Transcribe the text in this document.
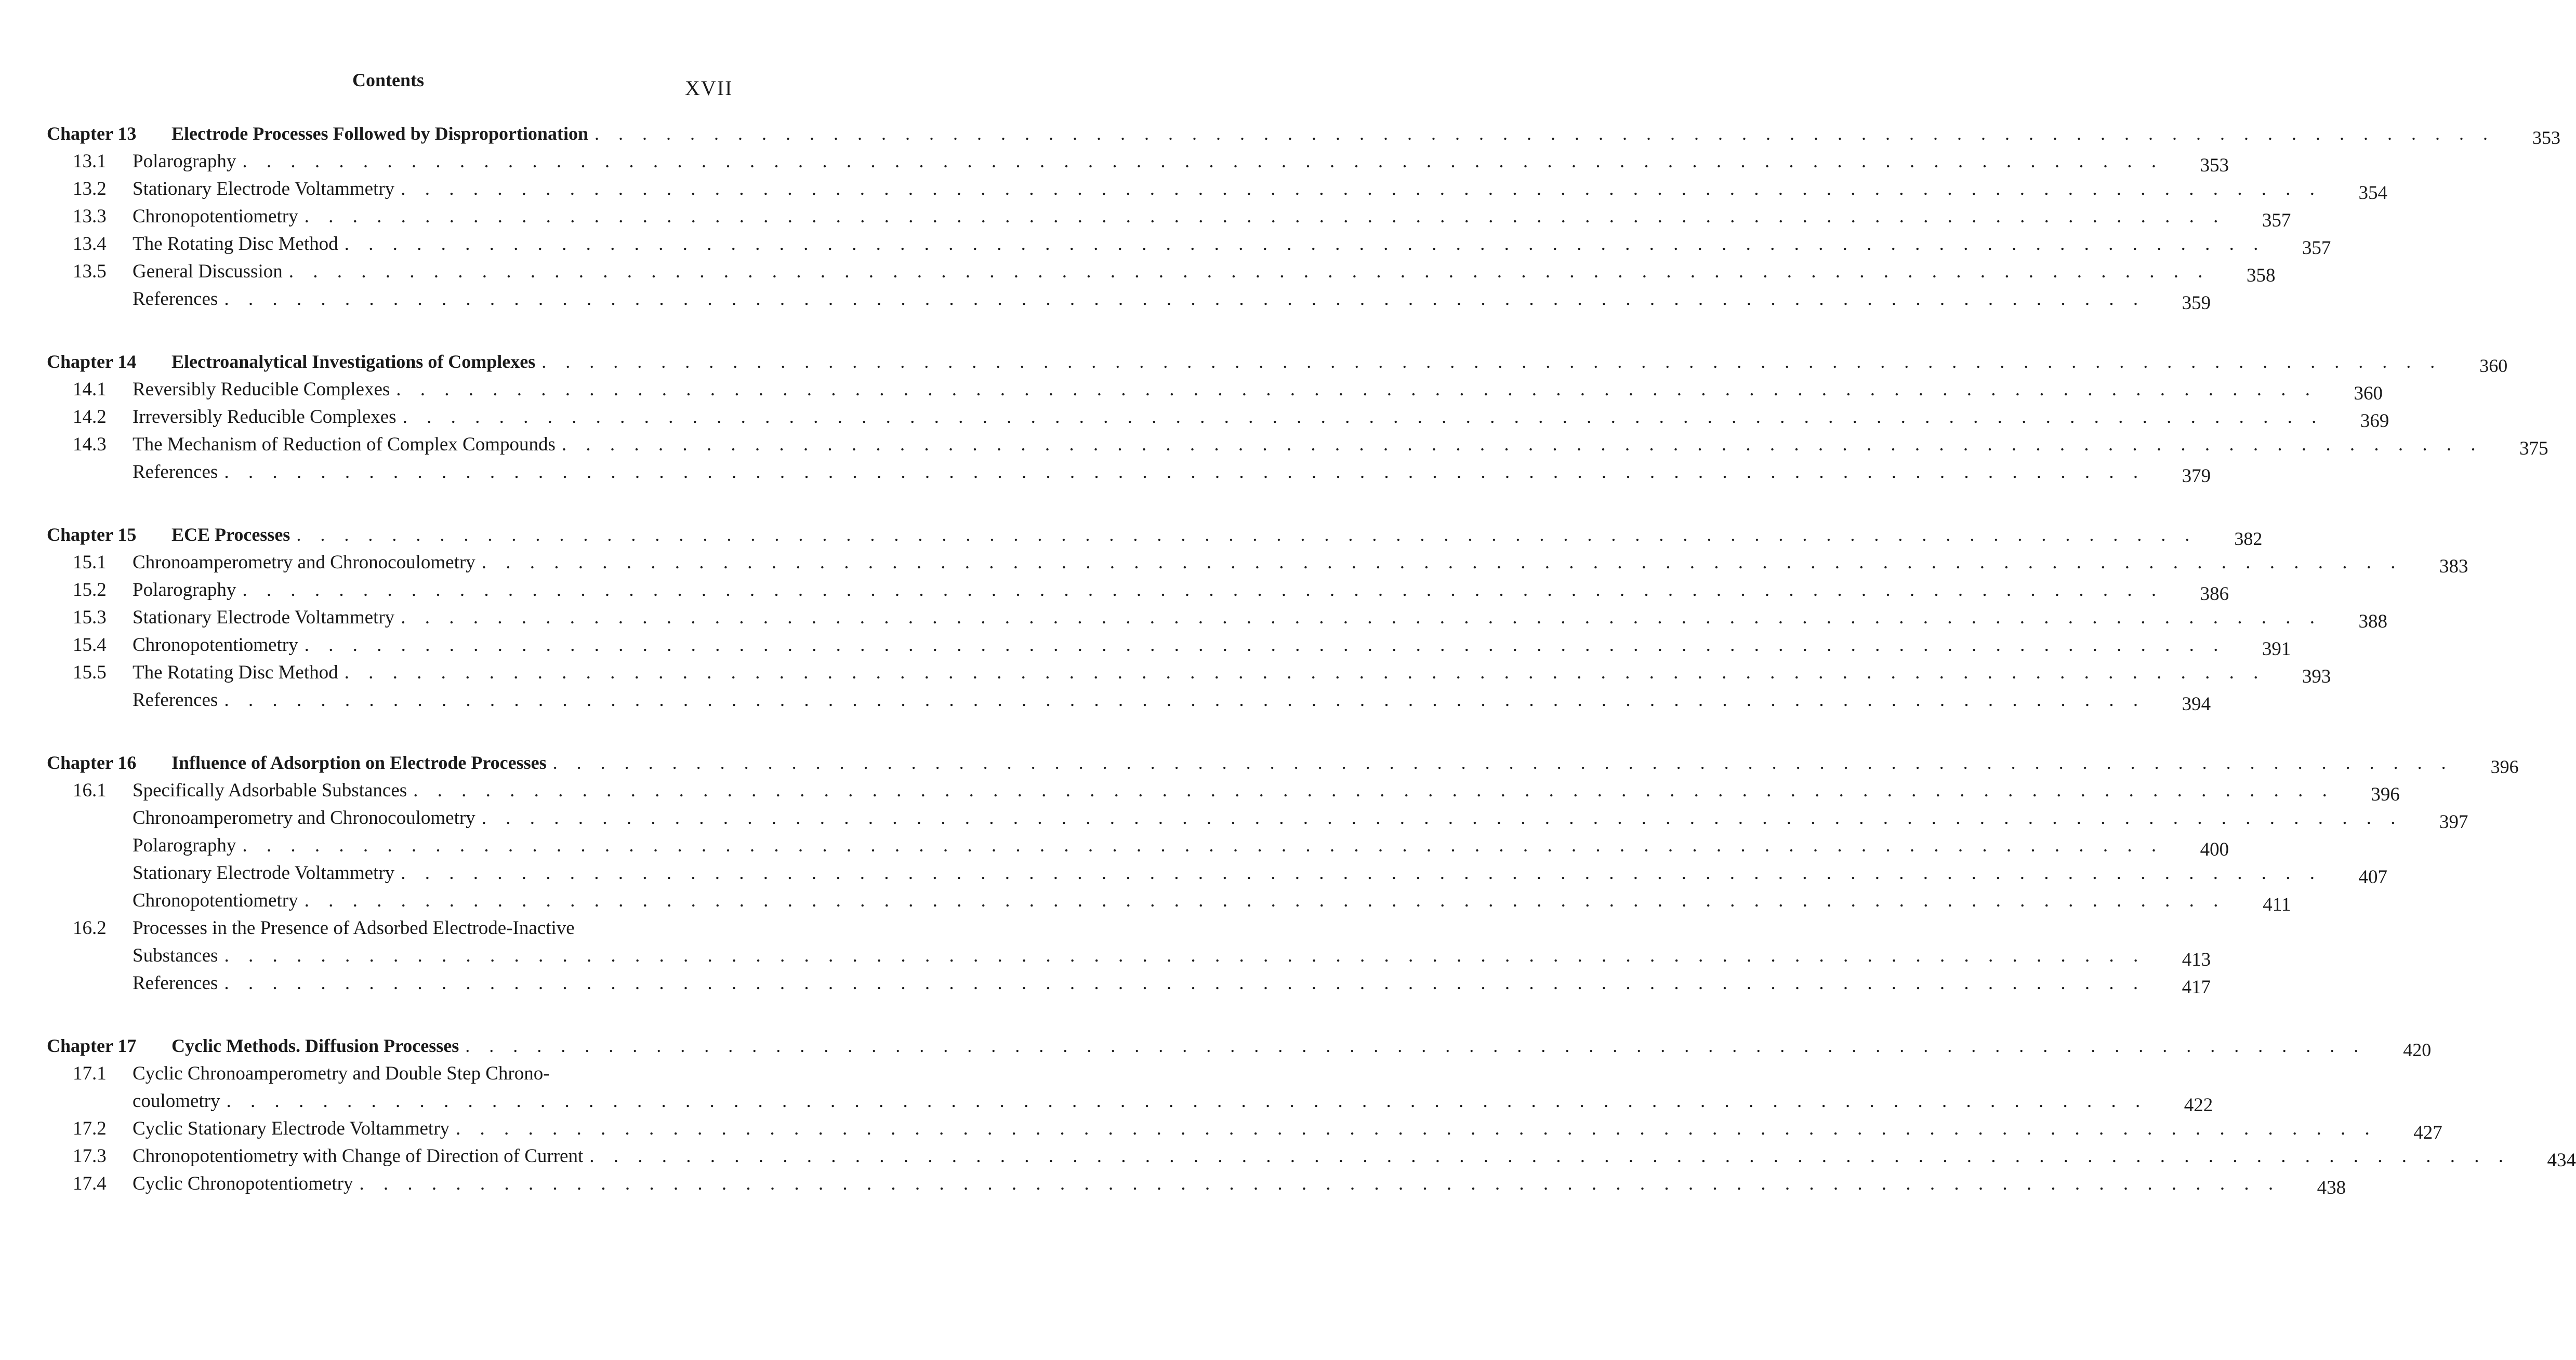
Contents	XVII
Chapter 13	Electrode Processes Followed by Disproportionation . . . . . . . . . . . . . . . . . . . . . . . . . . . . . . . . . . . . . . . . . . . . . . . . . . . . . . . . . . . . . . . . . . . . . . . . . . . . . . . .	353
13.1	Polarography . . . . . . . . . . . . . . . . . . . . . . . . . . . . . . . . . . . . . . . . . . . . . . . . . . . . . . . . . . . . . . . . . . . . . . . . . . . . . . . .	353
13.2	Stationary Electrode Voltammetry . . . . . . . . . . . . . . . . . . . . . . . . . . . . . . . . . . . . . . . . . . . . . . . . . . . . . . . . . . . . . . . . . . . . . . . . . . . . . . . .	354
13.3	Chronopotentiometry . . . . . . . . . . . . . . . . . . . . . . . . . . . . . . . . . . . . . . . . . . . . . . . . . . . . . . . . . . . . . . . . . . . . . . . . . . . . . . . .	357
13.4	The Rotating Disc Method . . . . . . . . . . . . . . . . . . . . . . . . . . . . . . . . . . . . . . . . . . . . . . . . . . . . . . . . . . . . . . . . . . . . . . . . . . . . . . . .	357
13.5	General Discussion . . . . . . . . . . . . . . . . . . . . . . . . . . . . . . . . . . . . . . . . . . . . . . . . . . . . . . . . . . . . . . . . . . . . . . . . . . . . . . . .	358
References . . . . . . . . . . . . . . . . . . . . . . . . . . . . . . . . . . . . . . . . . . . . . . . . . . . . . . . . . . . . . . . . . . . . . . . . . . . . . . . .	359
Chapter 14	Electroanalytical Investigations of Complexes . . . . . . . . . . . . . . . . . . . . . . . . . . . . . . . . . . . . . . . . . . . . . . . . . . . . . . . . . . . . . . . . . . . . . . . . . . . . . . . .	360
14.1	Reversibly Reducible Complexes . . . . . . . . . . . . . . . . . . . . . . . . . . . . . . . . . . . . . . . . . . . . . . . . . . . . . . . . . . . . . . . . . . . . . . . . . . . . . . . .	360
14.2	Irreversibly Reducible Complexes . . . . . . . . . . . . . . . . . . . . . . . . . . . . . . . . . . . . . . . . . . . . . . . . . . . . . . . . . . . . . . . . . . . . . . . . . . . . . . . .	369
14.3	The Mechanism of Reduction of Complex Compounds . . . . . . . . . . . . . . . . . . . . . . . . . . . . . . . . . . . . . . . . . . . . . . . . . . . . . . . . . . . . . . . . . . . . . . . . . . . . . . . .	375
References . . . . . . . . . . . . . . . . . . . . . . . . . . . . . . . . . . . . . . . . . . . . . . . . . . . . . . . . . . . . . . . . . . . . . . . . . . . . . . . .	379
Chapter 15	ECE Processes . . . . . . . . . . . . . . . . . . . . . . . . . . . . . . . . . . . . . . . . . . . . . . . . . . . . . . . . . . . . . . . . . . . . . . . . . . . . . . . .	382
15.1	Chronoamperometry and Chronocoulometry . . . . . . . . . . . . . . . . . . . . . . . . . . . . . . . . . . . . . . . . . . . . . . . . . . . . . . . . . . . . . . . . . . . . . . . . . . . . . . . .	383
15.2	Polarography . . . . . . . . . . . . . . . . . . . . . . . . . . . . . . . . . . . . . . . . . . . . . . . . . . . . . . . . . . . . . . . . . . . . . . . . . . . . . . . .	386
15.3	Stationary Electrode Voltammetry . . . . . . . . . . . . . . . . . . . . . . . . . . . . . . . . . . . . . . . . . . . . . . . . . . . . . . . . . . . . . . . . . . . . . . . . . . . . . . . .	388
15.4	Chronopotentiometry . . . . . . . . . . . . . . . . . . . . . . . . . . . . . . . . . . . . . . . . . . . . . . . . . . . . . . . . . . . . . . . . . . . . . . . . . . . . . . . .	391
15.5	The Rotating Disc Method . . . . . . . . . . . . . . . . . . . . . . . . . . . . . . . . . . . . . . . . . . . . . . . . . . . . . . . . . . . . . . . . . . . . . . . . . . . . . . . .	393
References . . . . . . . . . . . . . . . . . . . . . . . . . . . . . . . . . . . . . . . . . . . . . . . . . . . . . . . . . . . . . . . . . . . . . . . . . . . . . . . .	394
Chapter 16	Influence of Adsorption on Electrode Processes . . . . . . . . . . . . . . . . . . . . . . . . . . . . . . . . . . . . . . . . . . . . . . . . . . . . . . . . . . . . . . . . . . . . . . . . . . . . . . . .	396
16.1	Specifically Adsorbable Substances . . . . . . . . . . . . . . . . . . . . . . . . . . . . . . . . . . . . . . . . . . . . . . . . . . . . . . . . . . . . . . . . . . . . . . . . . . . . . . . .	396
Chronoamperometry and Chronocoulometry . . . . . . . . . . . . . . . . . . . . . . . . . . . . . . . . . . . . . . . . . . . . . . . . . . . . . . . . . . . . . . . . . . . . . . . . . . . . . . . .	397
Polarography . . . . . . . . . . . . . . . . . . . . . . . . . . . . . . . . . . . . . . . . . . . . . . . . . . . . . . . . . . . . . . . . . . . . . . . . . . . . . . . .	400
Stationary Electrode Voltammetry . . . . . . . . . . . . . . . . . . . . . . . . . . . . . . . . . . . . . . . . . . . . . . . . . . . . . . . . . . . . . . . . . . . . . . . . . . . . . . . .	407
Chronopotentiometry . . . . . . . . . . . . . . . . . . . . . . . . . . . . . . . . . . . . . . . . . . . . . . . . . . . . . . . . . . . . . . . . . . . . . . . . . . . . . . . .	411
16.2	Processes in the Presence of Adsorbed Electrode-Inactive
Substances . . . . . . . . . . . . . . . . . . . . . . . . . . . . . . . . . . . . . . . . . . . . . . . . . . . . . . . . . . . . . . . . . . . . . . . . . . . . . . . .	413
References . . . . . . . . . . . . . . . . . . . . . . . . . . . . . . . . . . . . . . . . . . . . . . . . . . . . . . . . . . . . . . . . . . . . . . . . . . . . . . . .	417
Chapter 17	Cyclic Methods. Diffusion Processes . . . . . . . . . . . . . . . . . . . . . . . . . . . . . . . . . . . . . . . . . . . . . . . . . . . . . . . . . . . . . . . . . . . . . . . . . . . . . . . .	420
17.1	Cyclic Chronoamperometry and Double Step Chrono-
coulometry . . . . . . . . . . . . . . . . . . . . . . . . . . . . . . . . . . . . . . . . . . . . . . . . . . . . . . . . . . . . . . . . . . . . . . . . . . . . . . . .	422
17.2	Cyclic Stationary Electrode Voltammetry . . . . . . . . . . . . . . . . . . . . . . . . . . . . . . . . . . . . . . . . . . . . . . . . . . . . . . . . . . . . . . . . . . . . . . . . . . . . . . . .	427
17.3	Chronopotentiometry with Change of Direction of Current . . . . . . . . . . . . . . . . . . . . . . . . . . . . . . . . . . . . . . . . . . . . . . . . . . . . . . . . . . . . . . . . . . . . . . . . . . . . . . . .	434
17.4	Cyclic Chronopotentiometry . . . . . . . . . . . . . . . . . . . . . . . . . . . . . . . . . . . . . . . . . . . . . . . . . . . . . . . . . . . . . . . . . . . . . . . . . . . . . . . .	438
